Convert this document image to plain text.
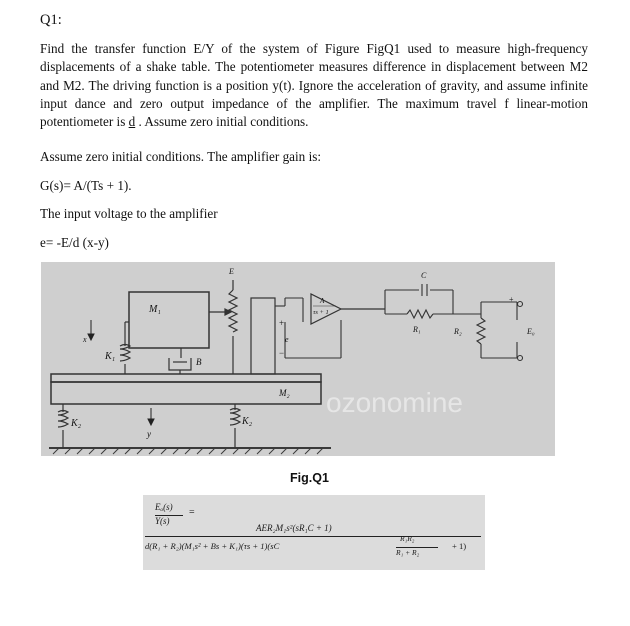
Q1:

Find the transfer function E/Y of the system of Figure FigQ1 used to measure high-frequency displacements of a shake table. The potentiometer measures difference in displacement between M2 and M2. The driving function is a position y(t). Ignore the acceleration of gravity, and assume infinite input dance and zero output impedance of the amplifier. The maximum travel f linear-motion potentiometer is d . Assume zero initial conditions.

Assume zero initial conditions. The amplifier gain is:
G(s)= A/(Ts + 1).
The input voltage to the amplifier
e= -E/d (x-y)
ozonomine
K₂	K₂
y
M₁
x
K₁	B
E
M₂
+
−
e
A
τs + 1
C
R₁	R₂
+
E₀
Fig.Q1
Eₒ(s)
Y(s)
=
AER₂M₁s²(sR₁C + 1)
d(R₁ + R₂)(M₁s² + Bs + K₁)(τs + 1)(sC
R₁R₂
R₁ + R₂
+ 1)
